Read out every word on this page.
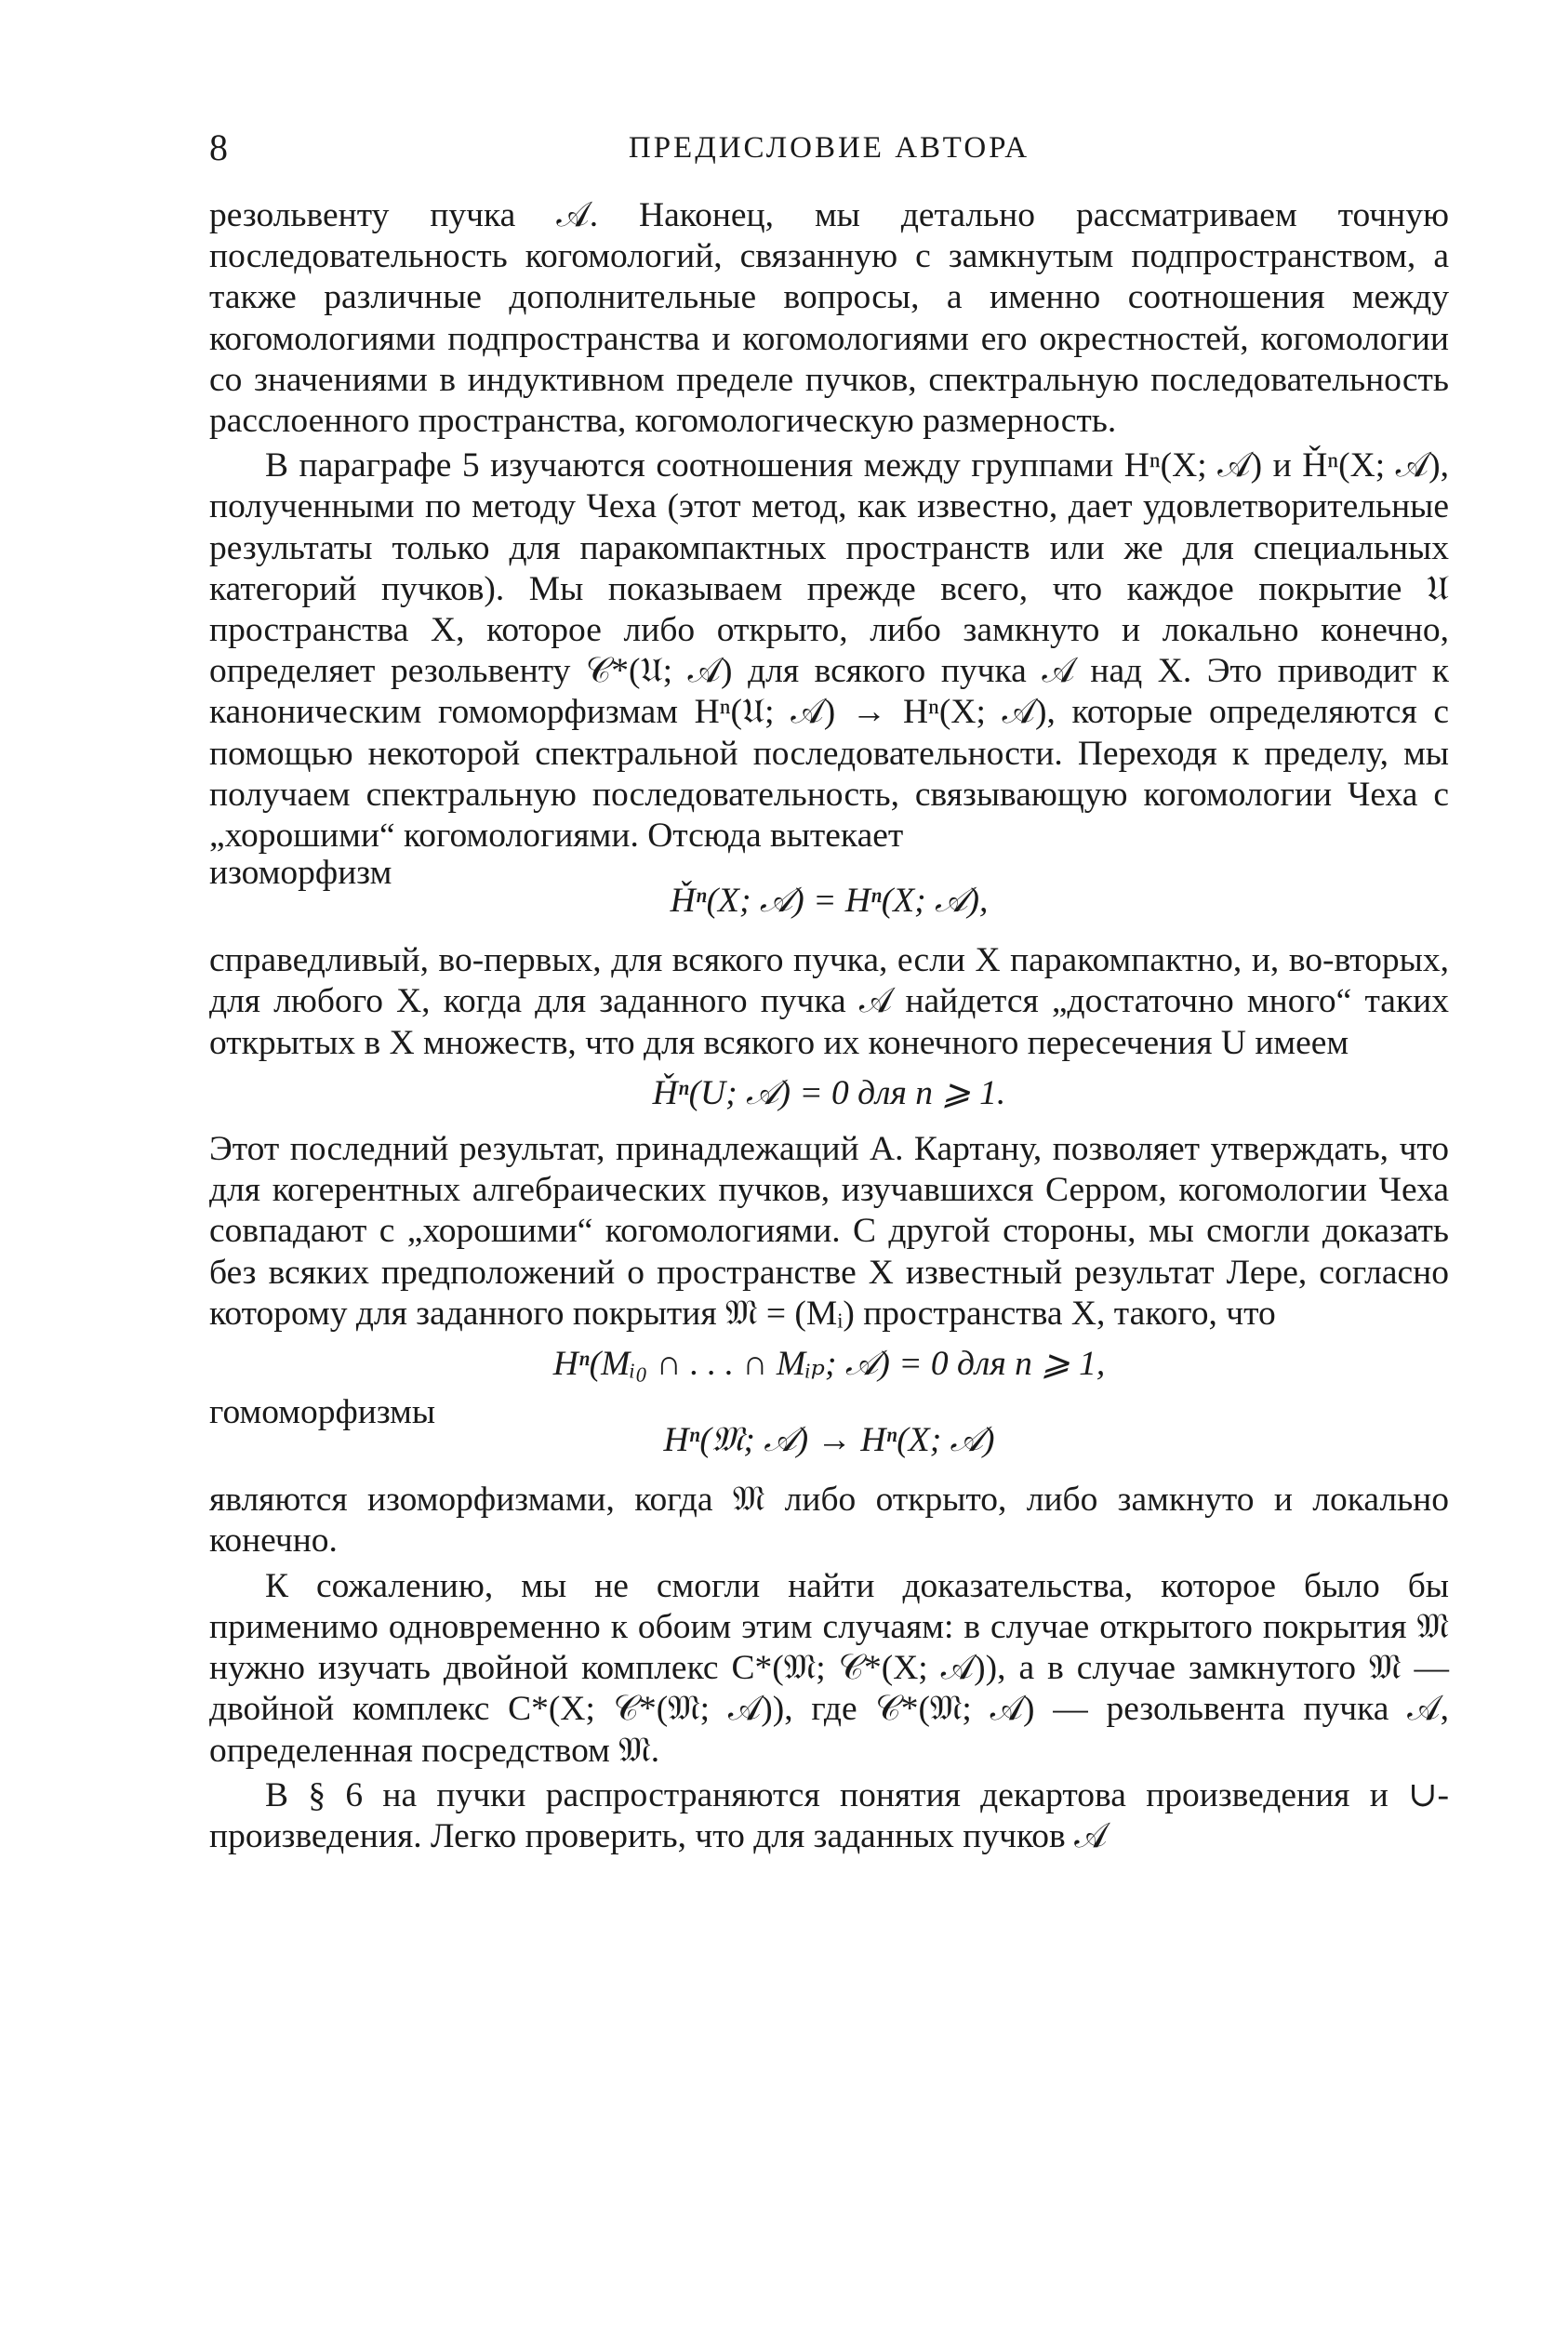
8	ПРЕДИСЛОВИЕ АВТОРА

резольвенту пучка 𝒜. Наконец, мы детально рассматриваем точную последовательность когомологий, связанную с замкнутым подпространством, а также различные дополнительные вопросы, а именно соотношения между когомологиями подпространства и когомологиями его окрестностей, когомологии со значениями в индуктивном пределе пучков, спектральную последовательность расслоенного пространства, когомологическую размерность.

В параграфе 5 изучаются соотношения между группами Hⁿ(X; 𝒜) и Ȟⁿ(X; 𝒜), полученными по методу Чеха (этот метод, как известно, дает удовлетворительные результаты только для паракомпактных пространств или же для специальных категорий пучков). Мы показываем прежде всего, что каждое покрытие 𝔘 пространства X, которое либо открыто, либо замкнуто и локально конечно, определяет резольвенту 𝒞*(𝔘; 𝒜) для всякого пучка 𝒜 над X. Это приводит к каноническим гомоморфизмам Hⁿ(𝔘; 𝒜) → Hⁿ(X; 𝒜), которые определяются с помощью некоторой спектральной последовательности. Переходя к пределу, мы получаем спектральную последовательность, связывающую когомологии Чеха с „хорошими“ когомологиями. Отсюда вытекает

изоморфизм
Ȟⁿ(X; 𝒜) = Hⁿ(X; 𝒜),

справедливый, во-первых, для всякого пучка, если X паракомпактно, и, во-вторых, для любого X, когда для заданного пучка 𝒜 найдется „достаточно много“ таких открытых в X множеств, что для всякого их конечного пересечения U имеем

Ȟⁿ(U; 𝒜) = 0 для n ⩾ 1.

Этот последний результат, принадлежащий А. Картану, позволяет утверждать, что для когерентных алгебраических пучков, изучавшихся Серром, когомологии Чеха совпадают с „хорошими“ когомологиями. С другой стороны, мы смогли доказать без всяких предположений о пространстве X известный результат Лере, согласно которому для заданного покрытия 𝔐 = (Mᵢ) пространства X, такого, что

Hⁿ(Mᵢ₀ ∩ . . . ∩ Mᵢₚ; 𝒜) = 0 для n ⩾ 1,
гомоморфизмы
Hⁿ(𝔐; 𝒜) → Hⁿ(X; 𝒜)

являются изоморфизмами, когда 𝔐 либо открыто, либо замкнуто и локально конечно.

К сожалению, мы не смогли найти доказательства, которое было бы применимо одновременно к обоим этим случаям: в случае открытого покрытия 𝔐 нужно изучать двойной комплекс C*(𝔐; 𝒞*(X; 𝒜)), а в случае замкнутого 𝔐 — двойной комплекс C*(X; 𝒞*(𝔐; 𝒜)), где 𝒞*(𝔐; 𝒜) — резольвента пучка 𝒜, определенная посредством 𝔐.

В § 6 на пучки распространяются понятия декартова произведения и ∪-произведения. Легко проверить, что для заданных пучков 𝒜
